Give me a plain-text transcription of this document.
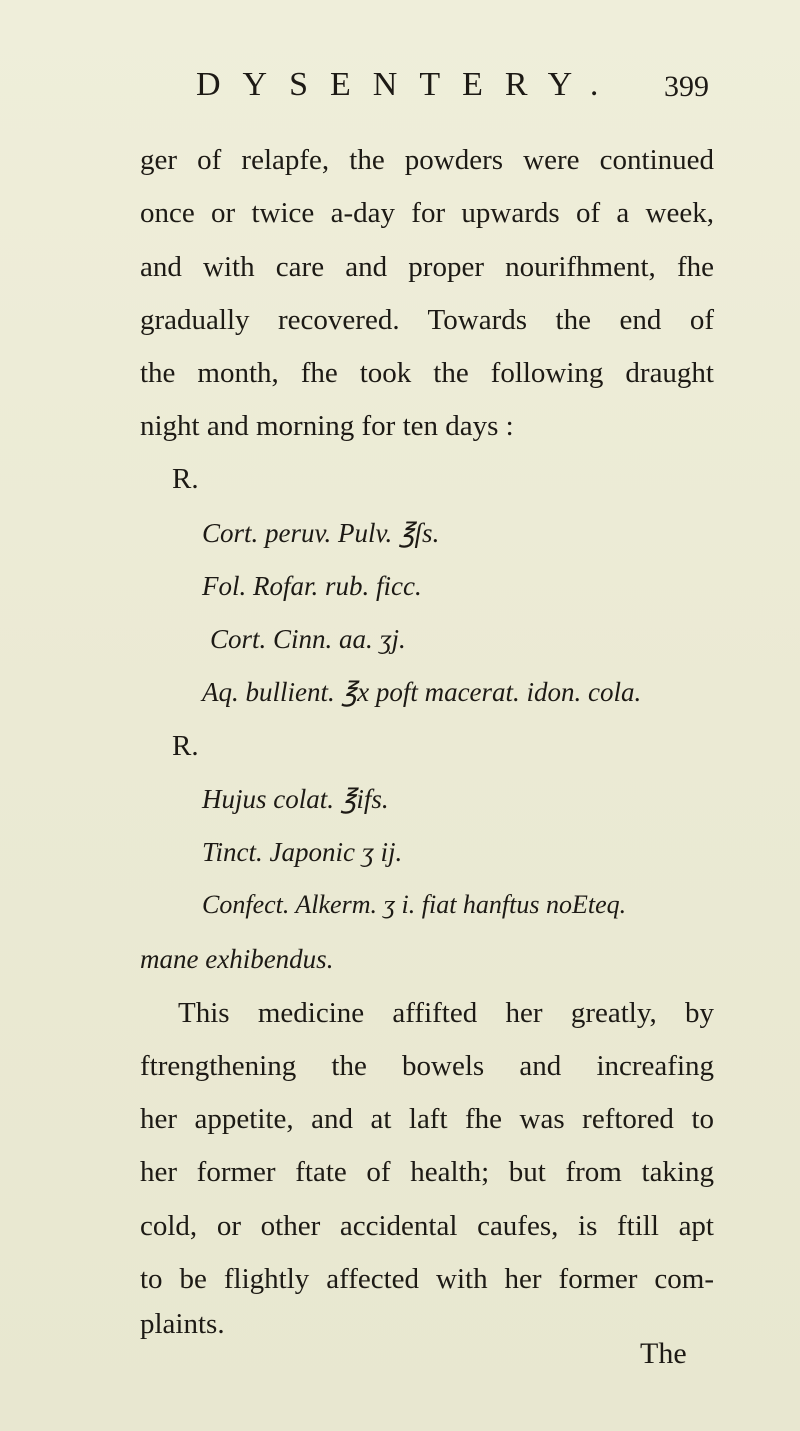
DYSENTERY. 399
ger of relapfe, the powders were continued
once or twice a-day for upwards of a week,
and with care and proper nourifhment, fhe
gradually recovered. Towards the end of
the month, fhe took the following draught
night and morning for ten days :
R.
Cort. peruv. Pulv. ℥ſs.
Fol. Rofar. rub. ficc.
Cort. Cinn. aa. ʒj.
Aq. bullient. ℥x poft macerat. idon. cola.
R.
Hujus colat. ℥ifs.
Tinct. Japonic ʒ ij.
Confect. Alkerm. ʒ i. fiat hanftus noEteq.
mane exhibendus.
This medicine affifted her greatly, by
ftrengthening the bowels and increafing
her appetite, and at laft fhe was reftored to
her former ftate of health; but from taking
cold, or other accidental caufes, is ftill apt
to be flightly affected with her former com-
plaints.
The
